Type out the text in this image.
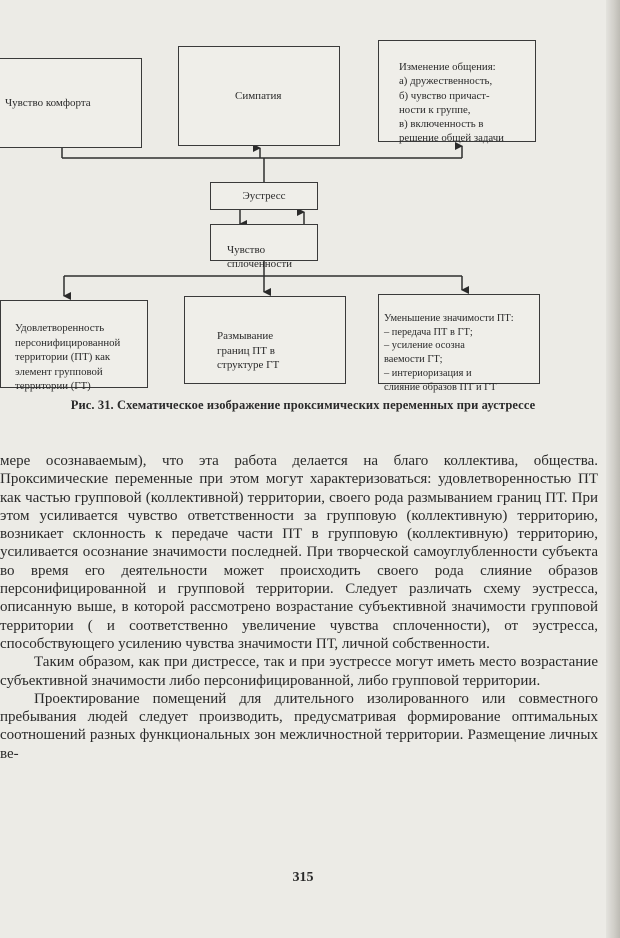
Чувство комфорта
Симпатия

Изменение общения:
а) дружественность,
б) чувство причаст-
ности к группе,
в) включенность в
решение общей задачи

Эустресс

Чувство
сплоченности

Удовлетворенность
персонифицированной
территории (ПТ) как
элемент групповой
территории (ГТ)

Размывание
границ ПТ в
структуре ГТ

Уменьшение значимости ПТ:
– передача ПТ в ГТ;
– усиление осозна
ваемости ГТ;
– интериоризация и
слияние образов ПТ и ГТ

Рис. 31. Схематическое изображение проксимических переменных при аустрессе

мере осознаваемым), что эта работа делается на благо коллектива, общества. Проксимические переменные при этом могут характеризоваться: удовлетворенностью ПТ как частью групповой (коллективной) территории, своего рода размыванием границ ПТ. При этом усиливается чувство ответственности за групповую (коллективную) территорию, возникает склонность к передаче части ПТ в групповую (коллективную) территорию, усиливается осознание значимости последней. При творческой самоуглубленности субъекта во время его деятельности может происходить своего рода слияние образов персонифицированной и групповой территории. Следует различать схему эустресса, описанную выше, в которой рассмотрено возрастание субъективной значимости групповой территории ( и соответственно увеличение чувства сплоченности), от эустресса, способствующего усилению чувства значимости ПТ, личной собственности.

Таким образом, как при дистрессе, так и при эустрессе могут иметь место возрастание субъективной значимости либо персонифицированной, либо групповой территории.

Проектирование помещений для длительного изолированного или совместного пребывания людей следует производить, предусматривая формирование оптимальных соотношений разных функциональных зон межличностной территории. Размещение личных ве-

315
